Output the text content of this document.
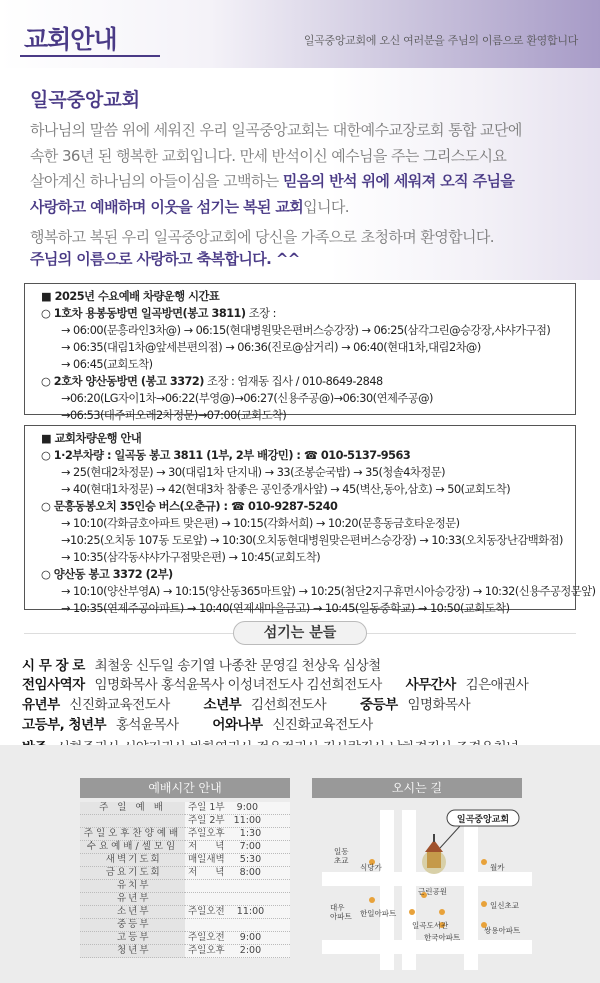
교회안내	일곡중앙교회에 오신 여러분을 주님의 이름으로 환영합니다
일곡중앙교회
하나님의 말씀 위에 세워진 우리 일곡중앙교회는 대한예수교장로회 통합 교단에
속한 36년 된 행복한 교회입니다. 만세 반석이신 예수님을 주는 그리스도시요
살아계신 하나님의 아들이심을 고백하는 믿음의 반석 위에 세워져 오직 주님을
사랑하고 예배하며 이웃을 섬기는 복된 교회입니다.
행복하고 복된 우리 일곡중앙교회에 당신을 가족으로 초청하며 환영합니다.
주님의 이름으로 사랑하고 축복합니다. ^^
■ 2025년 수요예배 차량운행 시간표
○ 1호차 용봉동방면 일곡방면(봉고 3811) 조장 :
→ 06:00(문흥라인3차@) → 06:15(현대병원맞은편버스승강장) → 06:25(삼각그린@승강장,샤샤가구점)
→ 06:35(대림1차@앞세븐편의점) → 06:36(진로@삼거리) → 06:40(현대1차,대림2차@)
→ 06:45(교회도착)
○ 2호차 양산동방면 (봉고 3372) 조장 : 엄재동 집사 / 010-8649-2848
→06:20(LG자이1차→06:22(부영@)→06:27(신용주공@)→06:30(연제주공@)
→06:53(대주피오레2차정문)→07:00(교회도착)
■ 교회차량운행 안내
○ 1·2부차량 : 일곡동 봉고 3811 (1부, 2부 배강민) : ☎ 010-5137-9563
→ 25(현대2차정문) → 30(대림1차 단지내) → 33(조봉순국밥) → 35(청솔4차정문)
→ 40(현대1차정문) → 42(현대3차 참좋은 공인중개사앞) → 45(벽산,동아,삼호) → 50(교회도착)
○ 문흥동봉오치 35인승 버스(오춘규) : ☎ 010-9287-5240
→ 10:10(각화금호아파트 맞은편) → 10:15(각화서희) → 10:20(문흥동금호타운정문)
→10:25(오치동 107동 도로앞) → 10:30(오치동현대병원맞은편버스승강장) → 10:33(오치동장난감백화점)
→ 10:35(삼각동샤샤가구점맞은편) → 10:45(교회도착)
○ 양산동 봉고 3372 (2부)
→ 10:10(양산부영A) → 10:15(양산동365마트앞) → 10:25(첨단2지구휴먼시아승강장) → 10:32(신용주공정문앞)
→ 10:35(연제주공아파트) → 10:40(연제새마을금고) → 10:45(일동중학교) → 10:50(교회도착)
섬기는 분들
시 무 장 로 최철웅 신두일 송기열 나종찬 문영길 천상욱 심상철
전임사역자 임명화목사 홍석윤목사 이성녀전도사 김선희전도사 사무간사 김은애권사
유년부 신진화교육전도사	소년부 김선희전도사	중등부 임명화목사
고등부, 청년부 홍석윤목사	어와나부 신진화교육전도사
예배시간 안내
주 일 예 배	주일 1부    9:00
	주일 2부   11:00
주일오후찬양예배	주일오후     1:30
수요예배/셀모임	저      녁     7:00
새 벽 기 도 회	매일새벽     5:30
금 요 기 도 회	저      녁     8:00
유 치 부	
유 년 부	
소 년 부	주일오전    11:00
중 등 부	
고 등 부	주일오전     9:00
청 년 부	주일오후     2:00
오시는 길
일곡중앙교회
일동
초교
식당가	월카
근린공원
일신초교
대우
아파트 한일아파트
일곡도서관
한국아파트
쌍용아파트
